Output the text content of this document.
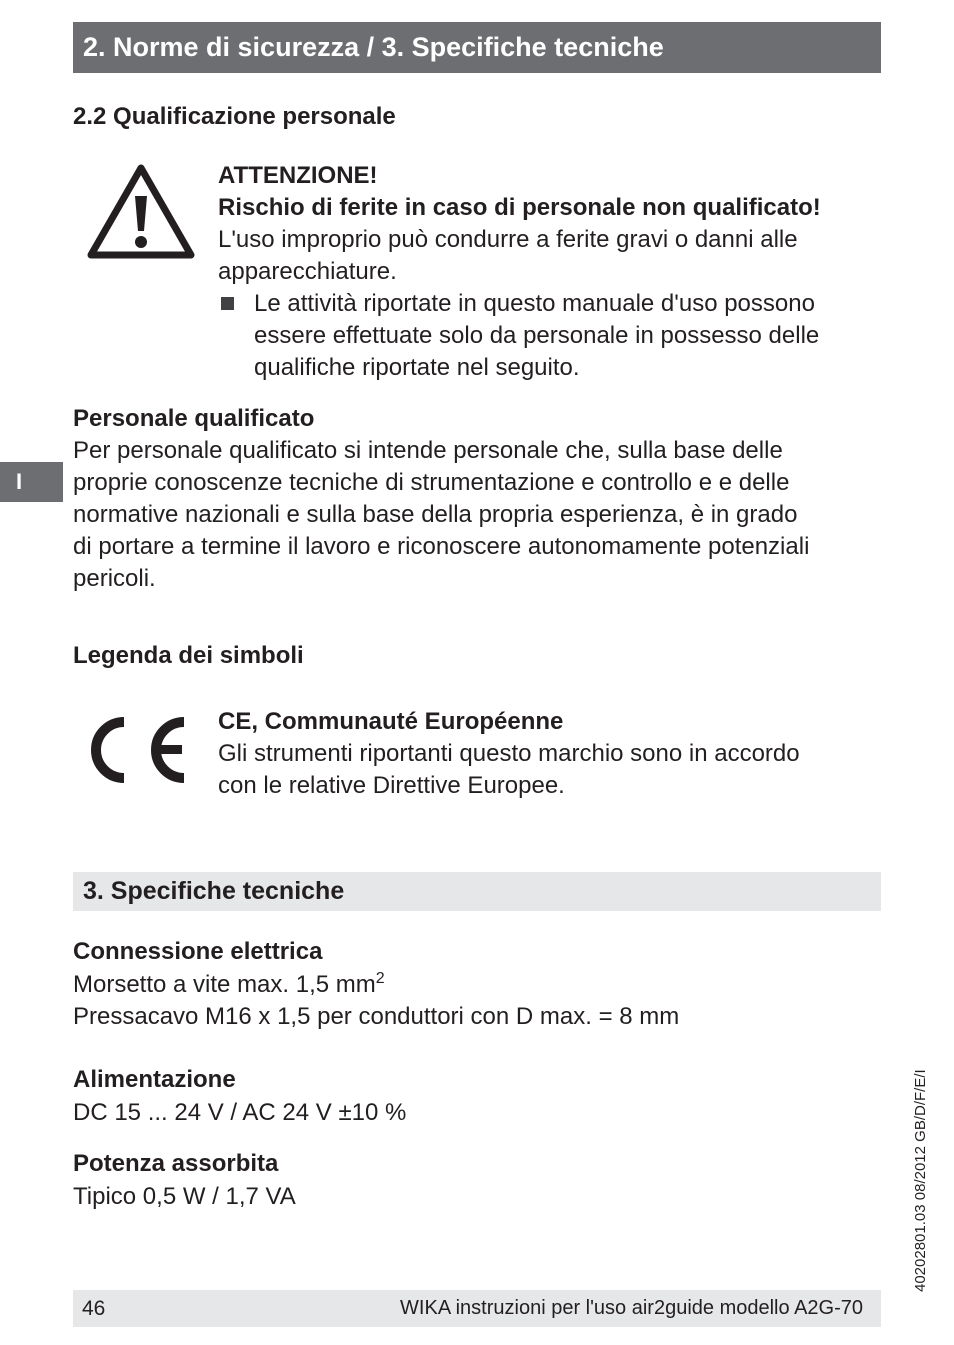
2. Norme di sicurezza / 3. Specifiche tecniche
2.2 Qualificazione personale
ATTENZIONE!
Rischio di ferite in caso di personale non qualificato!
L'uso improprio può condurre a ferite gravi o danni alle
apparecchiature.
Le attività riportate in questo manuale d'uso possono
essere effettuate solo da personale in possesso delle
qualifiche riportate nel seguito.
Personale qualificato
Per personale qualificato si intende personale che, sulla base delle
proprie conoscenze tecniche di strumentazione e controllo e e delle
normative nazionali e sulla base della propria esperienza, è in grado
di portare a termine il lavoro e riconoscere autonomamente potenziali
pericoli.
I
Legenda dei simboli
CE, Communauté Européenne
Gli strumenti riportanti questo marchio sono in accordo
con le relative Direttive Europee.
3. Specifiche tecniche
Connessione elettrica
Morsetto a vite max. 1,5 $mm^2$
Pressacavo M16 x 1,5 per conduttori con D max. = 8 mm
Alimentazione
DC 15 ... 24 V / AC 24 V ±10 %
Potenza assorbita
Tipico 0,5 W / 1,7 VA	40202801.03 08/2012 GB/D/F/E/I
46	WIKA instruzioni per l'uso air2guide modello A2G-70
